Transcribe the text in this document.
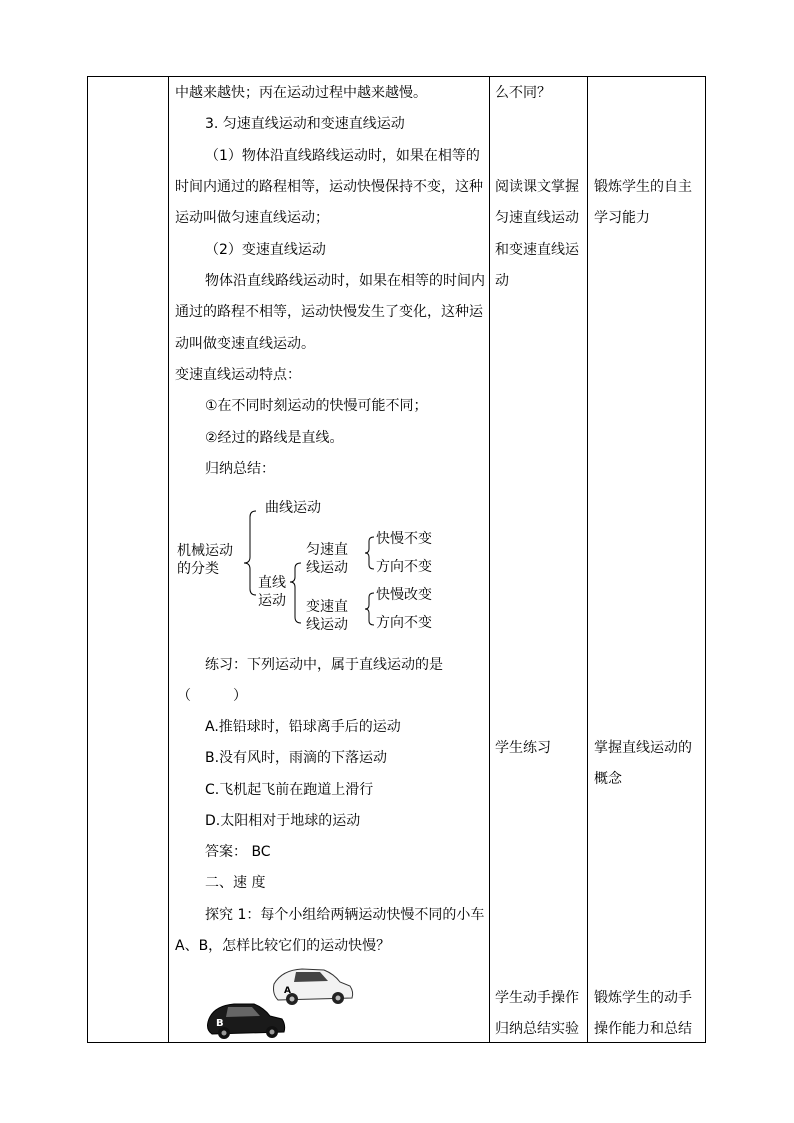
中越来越快；丙在运动过程中越来越慢。
3. 匀速直线运动和变速直线运动
（1）物体沿直线路线运动时，如果在相等的
时间内通过的路程相等，运动快慢保持不变，这种
运动叫做匀速直线运动；
（2）变速直线运动
物体沿直线路线运动时，如果在相等的时间内
通过的路程不相等，运动快慢发生了变化，这种运
动叫做变速直线运动。
变速直线运动特点：
①在不同时刻运动的快慢可能不同；
②经过的路线是直线。
归纳总结：
曲线运动
机械运动的分类
直线运动
匀速直线运动
变速直线运动
快慢不变
方向不变
快慢改变
方向不变
练习：下列运动中，属于直线运动的是
（　　　）
A.推铅球时，铅球离手后的运动
B.没有风时，雨滴的下落运动
C.飞机起飞前在跑道上滑行
D.太阳相对于地球的运动
答案： BC
二、速 度
探究 1：每个小组给两辆运动快慢不同的小车
A、B，怎样比较它们的运动快慢？
A
B
么不同？
阅读课文掌握
匀速直线运动
和变速直线运
动
学生练习
学生动手操作
归纳总结实验
锻炼学生的自主
学习能力
掌握直线运动的
概念
锻炼学生的动手
操作能力和总结
